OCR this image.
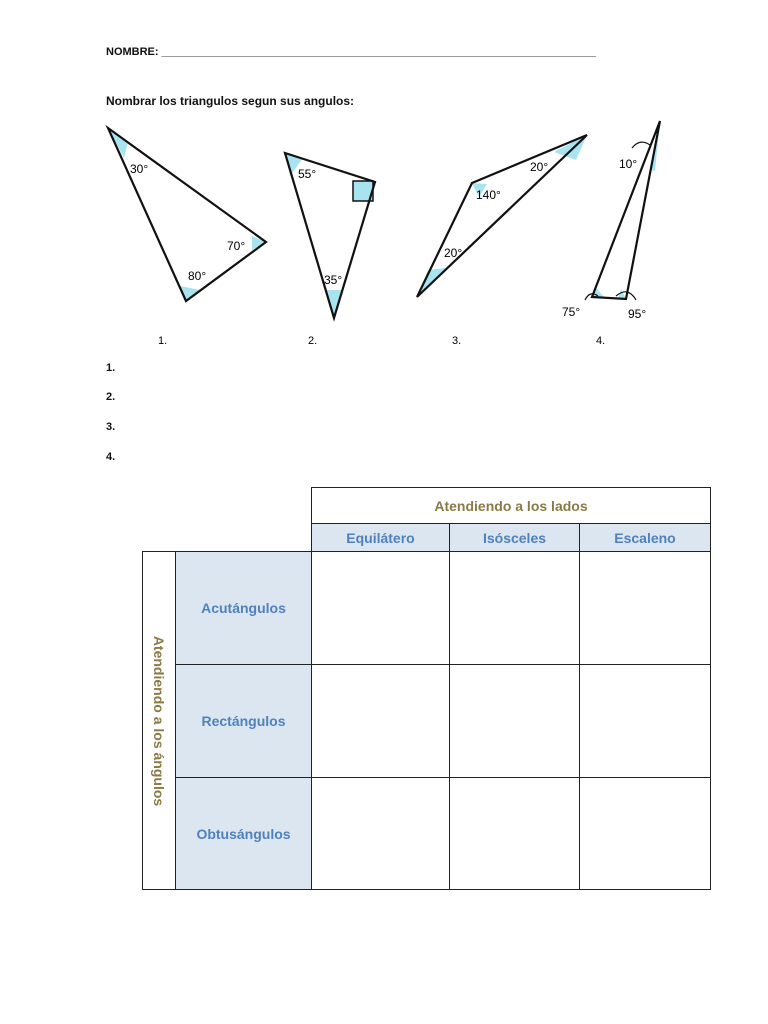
NOMBRE: _______________________________________________________________________
Nombrar los triangulos segun sus angulos:
30°
70°
80°
1.
55°
35°
2.
20°
140°
20°
3.
10°
75°	95°
4.
1.
2.
3.
4.
Atendiendo a los lados
Equilátero	Isósceles	Escaleno
Atendiendo a los ángulos
Acutángulos
Rectángulos
Obtusángulos
